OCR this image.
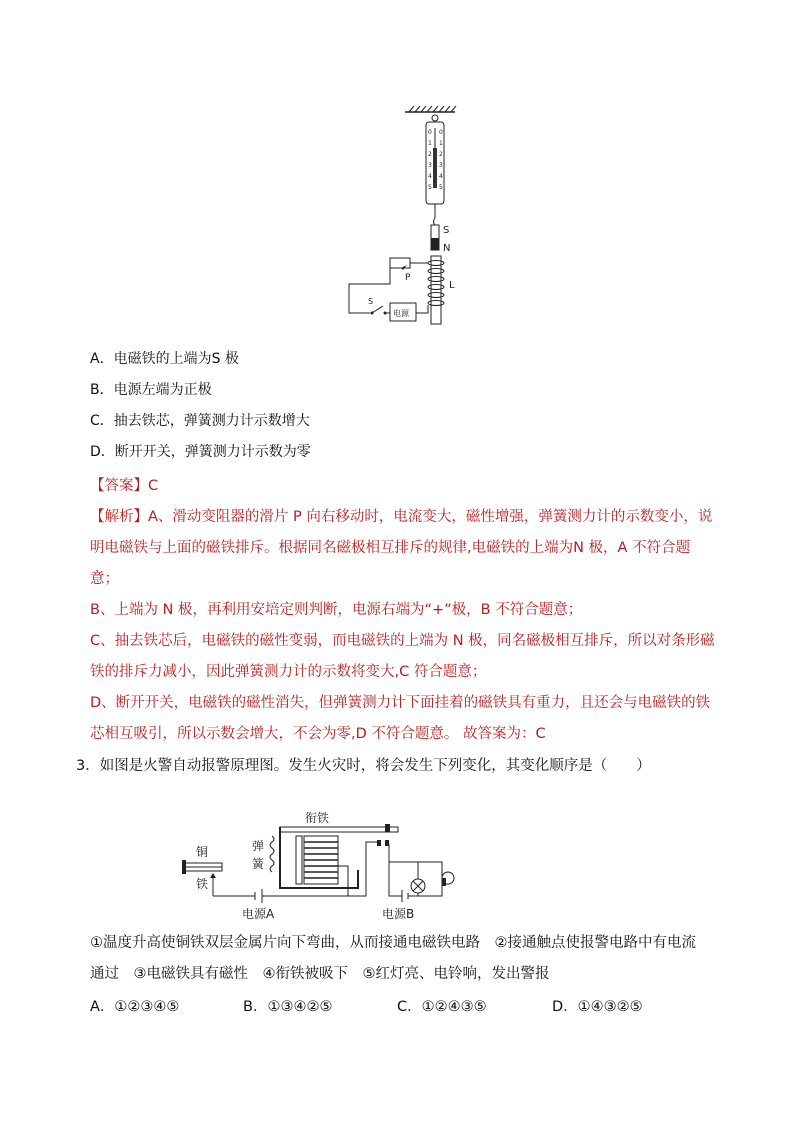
0
1
2
3
4
5
0
1
2
3
4
5
S
N
L
P
S
电源
A．电磁铁的上端为S 极
B．电源左端为正极
C．抽去铁芯，弹簧测力计示数增大
D．断开开关，弹簧测力计示数为零
【答案】C
【解析】A、滑动变阻器的滑片 P 向右移动时，电流变大，磁性增强，弹簧测力计的示数变小，说
明电磁铁与上面的磁铁排斥。根据同名磁极相互排斥的规律,电磁铁的上端为N 极，A 不符合题
意；
B、上端为 N 极，再利用安培定则判断，电源右端为“+”极，B 不符合题意；
C、抽去铁芯后，电磁铁的磁性变弱，而电磁铁的上端为 N 极，同名磁极相互排斥，所以对条形磁
铁的排斥力减小，因此弹簧测力计的示数将变大,C 符合题意；
D、断开开关，电磁铁的磁性消失，但弹簧测力计下面挂着的磁铁具有重力，且还会与电磁铁的铁
芯相互吸引，所以示数会增大，不会为零,D 不符合题意。 故答案为：C
3．如图是火警自动报警原理图。发生火灾时，将会发生下列变化，其变化顺序是（　　）
衔铁
弹
簧
铜
铁
电源A	电源B
①温度升高使铜铁双层金属片向下弯曲，从而接通电磁铁电路　②接通触点使报警电路中有电流
通过　③电磁铁具有磁性　④衔铁被吸下　⑤红灯亮、电铃响，发出警报
A．①②③④⑤	B．①③④②⑤	C．①②④③⑤	D．①④③②⑤
